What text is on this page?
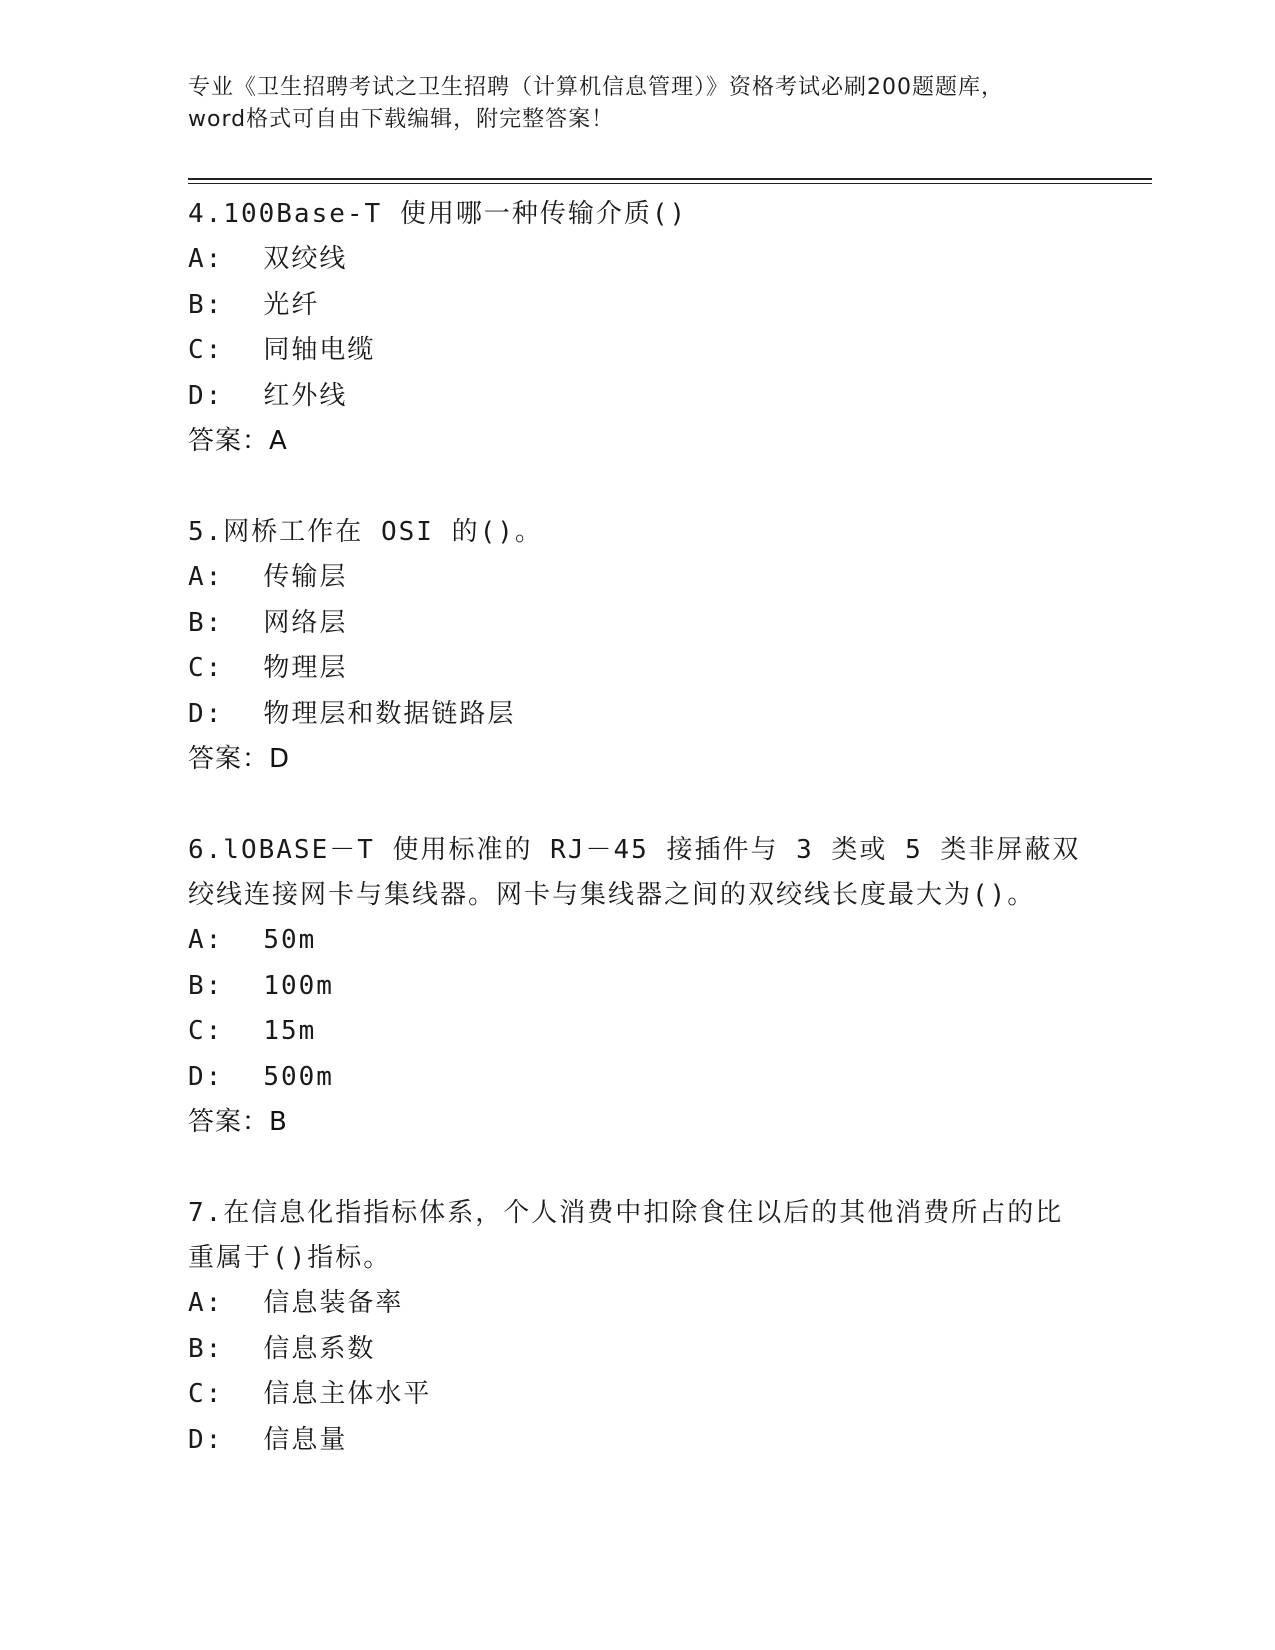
专业《卫生招聘考试之卫生招聘（计算机信息管理）》资格考试必刷200题题库，
word格式可自由下载编辑，附完整答案！

4.100Base-T 使用哪一种传输介质()

A: 双绞线
B: 光纤
C: 同轴电缆
D: 红外线
答案：A

5.网桥工作在 OSI 的()。

A: 传输层
B: 网络层
C: 物理层
D: 物理层和数据链路层
答案：D

6.lOBASE－T 使用标准的 RJ－45 接插件与 3 类或 5 类非屏蔽双绞线连接网卡与集线器。网卡与集线器之间的双绞线长度最大为()。

A: 50m
B: 100m
C: 15m
D: 500m
答案：B

7.在信息化指指标体系，个人消费中扣除食住以后的其他消费所占的比重属于()指标。

A: 信息装备率
B: 信息系数
C: 信息主体水平
D: 信息量
